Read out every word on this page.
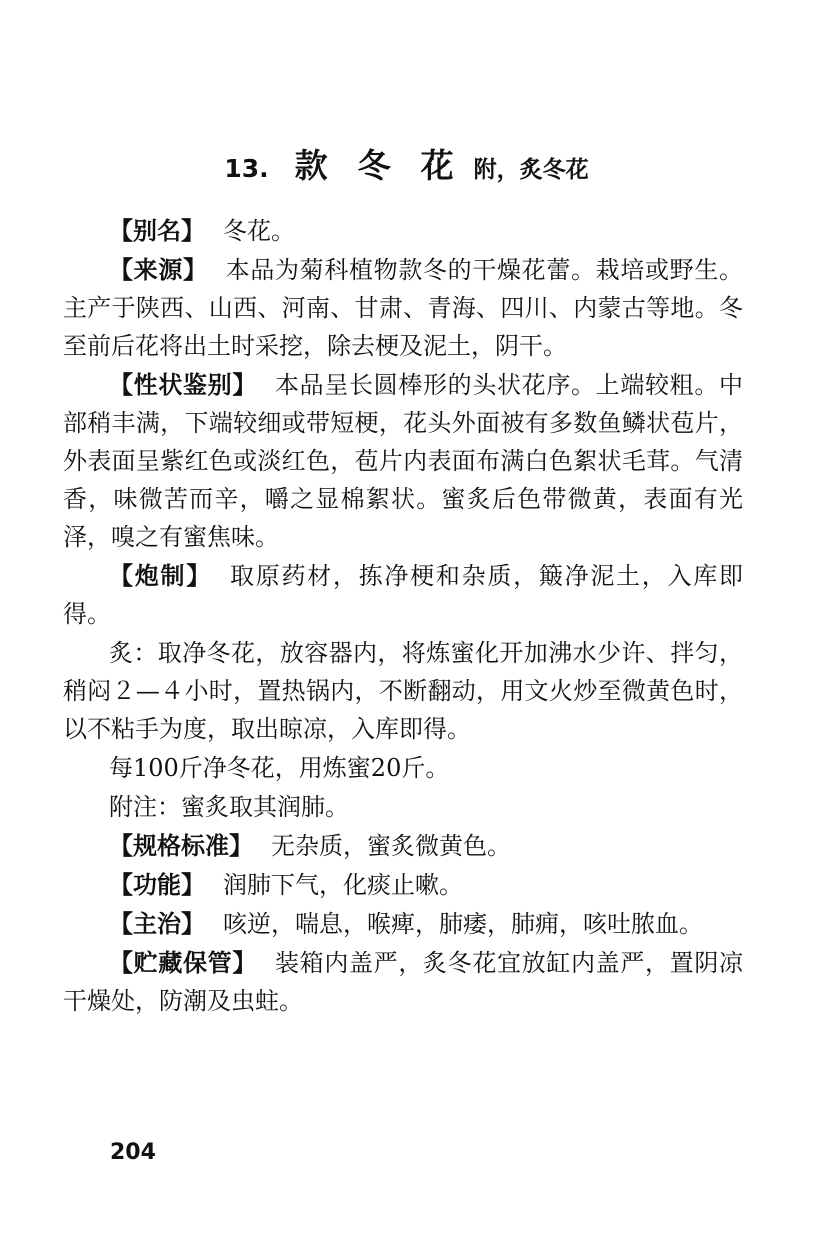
13. 款冬花附，炙冬花

【别名】 冬花。

【来源】 本品为菊科植物款冬的干燥花蕾。栽培或野生。主产于陕西、山西、河南、甘肃、青海、四川、内蒙古等地。冬至前后花将出土时采挖，除去梗及泥土，阴干。

【性状鉴别】 本品呈长圆棒形的头状花序。上端较粗。中部稍丰满，下端较细或带短梗，花头外面被有多数鱼鳞状苞片，外表面呈紫红色或淡红色，苞片内表面布满白色絮状毛茸。气清香，味微苦而辛，嚼之显棉絮状。蜜炙后色带微黄，表面有光泽，嗅之有蜜焦味。

【炮制】 取原药材，拣净梗和杂质，簸净泥土，入库即得。

炙：取净冬花，放容器内，将炼蜜化开加沸水少许、拌匀，稍闷２—４小时，置热锅内，不断翻动，用文火炒至微黄色时，以不粘手为度，取出晾凉，入库即得。

每100斤净冬花，用炼蜜20斤。

附注：蜜炙取其润肺。

【规格标准】 无杂质，蜜炙微黄色。

【功能】 润肺下气，化痰止嗽。

【主治】 咳逆，喘息，喉痺，肺痿，肺痈，咳吐脓血。

【贮藏保管】 装箱内盖严，炙冬花宜放缸内盖严，置阴凉干燥处，防潮及虫蛀。

204
